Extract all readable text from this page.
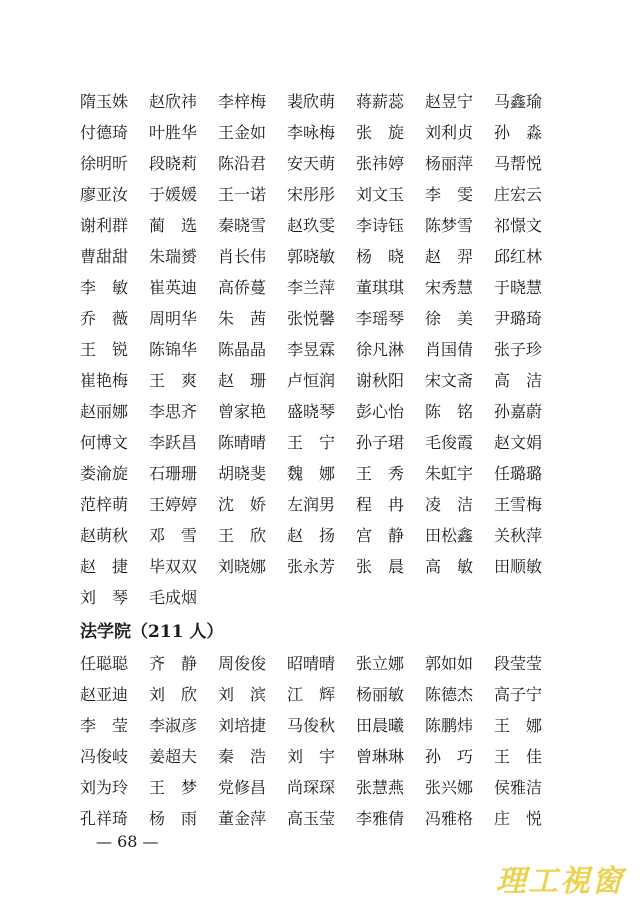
隋玉姝	赵欣祎	李梓梅	裴欣萌	蒋薪蕊	赵昱宁	马鑫瑜
付德琦	叶胜华	王金如	李咏梅	张　旋	刘利贞	孙　淼
徐明昕	段晓莉	陈沿君	安天萌	张祎婷	杨丽萍	马帮悦
廖亚汝	于媛媛	王一诺	宋彤彤	刘文玉	李　雯	庄宏云
谢利群	蔺　选	秦晓雪	赵玖雯	李诗钰	陈梦雪	祁憬文
曹甜甜	朱瑞赟	肖长伟	郭晓敏	杨　晓	赵　羿	邱红林
李　敏	崔英迪	高侨蔓	李兰萍	董琪琪	宋秀慧	于晓慧
乔　薇	周明华	朱　茜	张悦馨	李瑶琴	徐　美	尹璐琦
王　锐	陈锦华	陈晶晶	李昱霖	徐凡淋	肖国倩	张子珍
崔艳梅	王　爽	赵　珊	卢恒润	谢秋阳	宋文斋	高　洁
赵丽娜	李思齐	曾家艳	盛晓琴	彭心怡	陈　铭	孙嘉蔚
何博文	李跃昌	陈晴晴	王　宁	孙子珺	毛俊霞	赵文娟
娄渝旋	石珊珊	胡晓斐	魏　娜	王　秀	朱虹宇	任璐璐
范梓萌	王婷婷	沈　娇	左润男	程　冉	凌　洁	王雪梅
赵萌秋	邓　雪	王　欣	赵　扬	宫　静	田松鑫	关秋萍
赵　捷	毕双双	刘晓娜	张永芳	张　晨	高　敏	田顺敏
刘　琴	毛成烟
法学院（211 人）
任聪聪	齐　静	周俊俊	昭晴晴	张立娜	郭如如	段莹莹
赵亚迪	刘　欣	刘　滨	江　辉	杨丽敏	陈德杰	高子宁
李　莹	李淑彦	刘培捷	马俊秋	田晨曦	陈鹏炜	王　娜
冯俊岐	姜超夫	秦　浩	刘　宇	曾琳琳	孙　巧	王　佳
刘为玲	王　梦	党修昌	尚琛琛	张慧燕	张兴娜	侯雅洁
孔祥琦	杨　雨	董金萍	高玉莹	李雅倩	冯雅格	庄　悦
— 68 —
理工視窗
